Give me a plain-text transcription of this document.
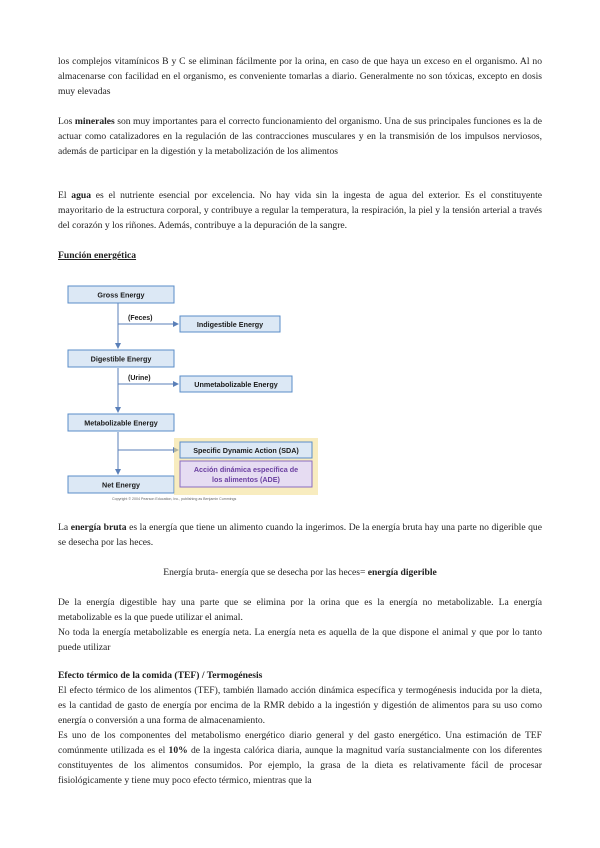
los complejos vitamínicos B y C se eliminan fácilmente por la orina, en caso de que haya un exceso en el organismo. Al no almacenarse con facilidad en el organismo, es conveniente tomarlas a diario. Generalmente no son tóxicas, excepto en dosis muy elevadas

Los minerales son muy importantes para el correcto funcionamiento del organismo. Una de sus principales funciones es la de actuar como catalizadores en la regulación de las contracciones musculares y en la transmisión de los impulsos nerviosos, además de participar en la digestión y la metabolización de los alimentos

El agua es el nutriente esencial por excelencia. No hay vida sin la ingesta de agua del exterior. Es el constituyente mayoritario de la estructura corporal, y contribuye a regular la temperatura, la respiración, la piel y la tensión arterial a través del corazón y los riñones. Además, contribuye a la depuración de la sangre.

Función energética

Gross Energy
Digestible Energy
Metabolizable Energy
Net Energy
(Feces)
(Urine)
Indigestible Energy
Unmetabolizable Energy
Specific Dynamic Action (SDA)
Acción dinámica específica de
los alimentos (ADE)
Copyright © 2004 Pearson Education, Inc., publishing as Benjamin Cummings

La energía bruta es la energía que tiene un alimento cuando la ingerimos. De la energía bruta hay una parte no digerible que se desecha por las heces.

Energía bruta- energía que se desecha por las heces= energía digerible

De la energía digestible hay una parte que se elimina por la orina que es la energía no metabolizable. La energía metabolizable es la que puede utilizar el animal.
No toda la energía metabolizable es energía neta. La energía neta es aquella de la que dispone el animal y que por lo tanto puede utilizar

Efecto térmico de la comida (TEF) / Termogénesis

El efecto térmico de los alimentos (TEF), también llamado acción dinámica específica y termogénesis inducida por la dieta, es la cantidad de gasto de energía por encima de la RMR debido a la ingestión y digestión de alimentos para su uso como energía o conversión a una forma de almacenamiento.

Es uno de los componentes del metabolismo energético diario general y del gasto energético. Una estimación de TEF comúnmente utilizada es el 10% de la ingesta calórica diaria, aunque la magnitud varía sustancialmente con los diferentes constituyentes de los alimentos consumidos. Por ejemplo, la grasa de la dieta es relativamente fácil de procesar fisiológicamente y tiene muy poco efecto térmico, mientras que la
